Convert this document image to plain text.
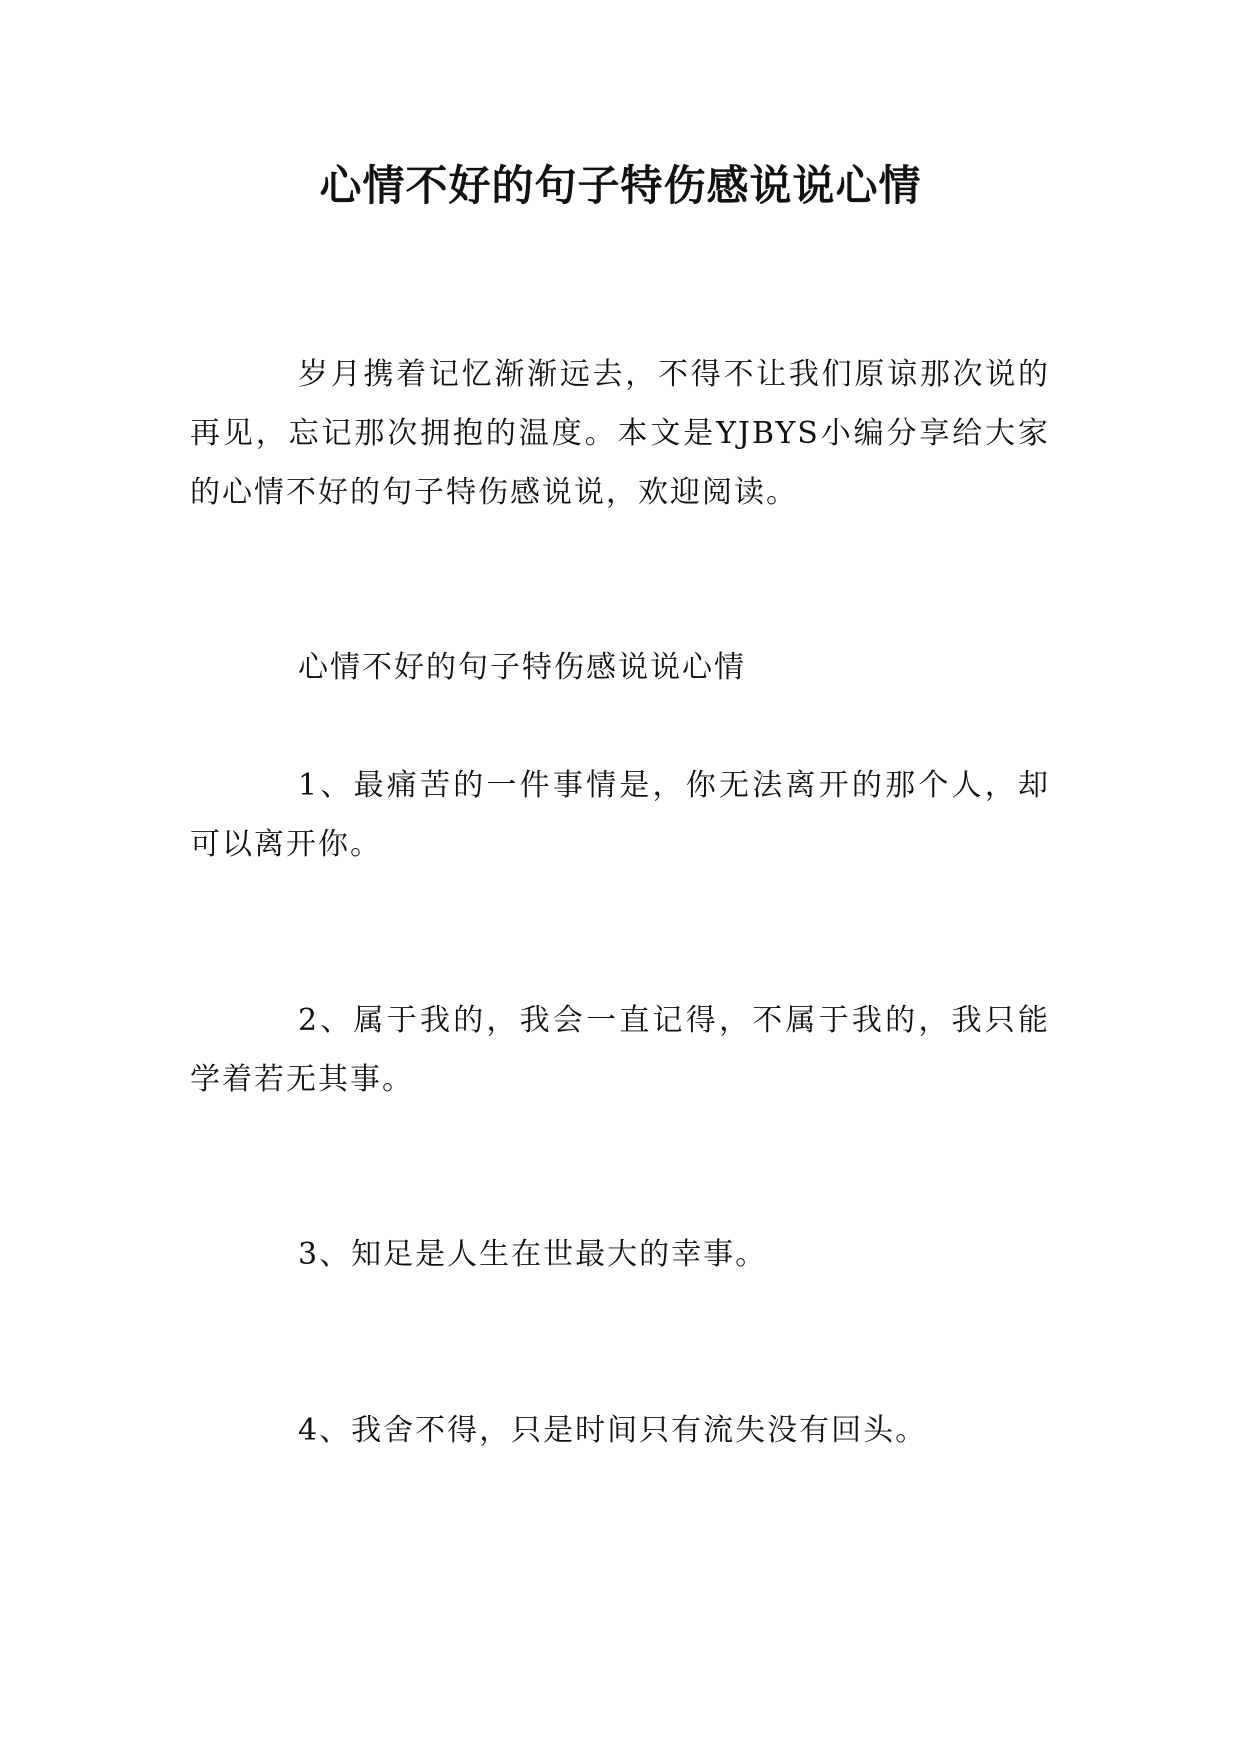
心情不好的句子特伤感说说心情

岁月携着记忆渐渐远去，不得不让我们原谅那次说的再见，忘记那次拥抱的温度。本文是YJBYS小编分享给大家的心情不好的句子特伤感说说，欢迎阅读。

心情不好的句子特伤感说说心情

1、最痛苦的一件事情是，你无法离开的那个人，却可以离开你。

2、属于我的，我会一直记得，不属于我的，我只能学着若无其事。

3、知足是人生在世最大的幸事。

4、我舍不得，只是时间只有流失没有回头。
